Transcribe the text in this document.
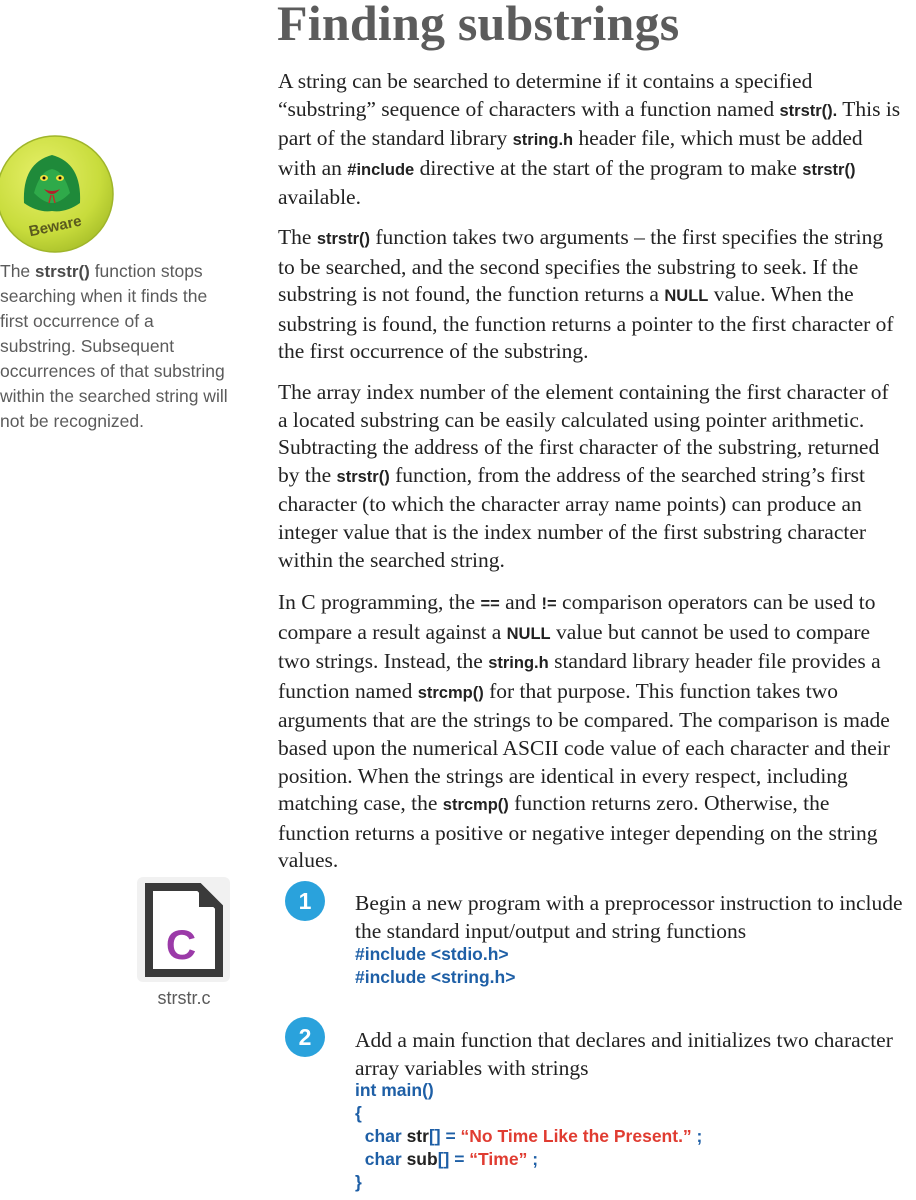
Finding substrings
Beware

The strstr() function stops searching when it finds the first occurrence of a substring. Subsequent occurrences of that substring within the searched string will not be recognized.

A string can be searched to determine if it contains a specified “substring” sequence of characters with a function named strstr(). This is part of the standard library string.h header file, which must be added with an #include directive at the start of the program to make strstr() available.

The strstr() function takes two arguments – the first specifies the string to be searched, and the second specifies the substring to seek. If the substring is not found, the function returns a NULL value. When the substring is found, the function returns a pointer to the first character of the first occurrence of the substring.

The array index number of the element containing the first character of a located substring can be easily calculated using pointer arithmetic. Subtracting the address of the first character of the substring, returned by the strstr() function, from the address of the searched string’s first character (to which the character array name points) can produce an integer value that is the index number of the first substring character within the searched string.

In C programming, the == and != comparison operators can be used to compare a result against a NULL value but cannot be used to compare two strings. Instead, the string.h standard library header file provides a function named strcmp() for that purpose. This function takes two arguments that are the strings to be compared. The comparison is made based upon the numerical ASCII code value of each character and their position. When the strings are identical in every respect, including matching case, the strcmp() function returns zero. Otherwise, the function returns a positive or negative integer depending on the string values.

C
strstr.c
1	Begin a new program with a preprocessor instruction to include the standard input/output and string functions

#include <stdio.h>
#include <string.h>
2	Add a main function that declares and initializes two character array variables with strings

int main()
{
char str[] = “No Time Like the Present.” ;
char sub[] = “Time” ;
}
